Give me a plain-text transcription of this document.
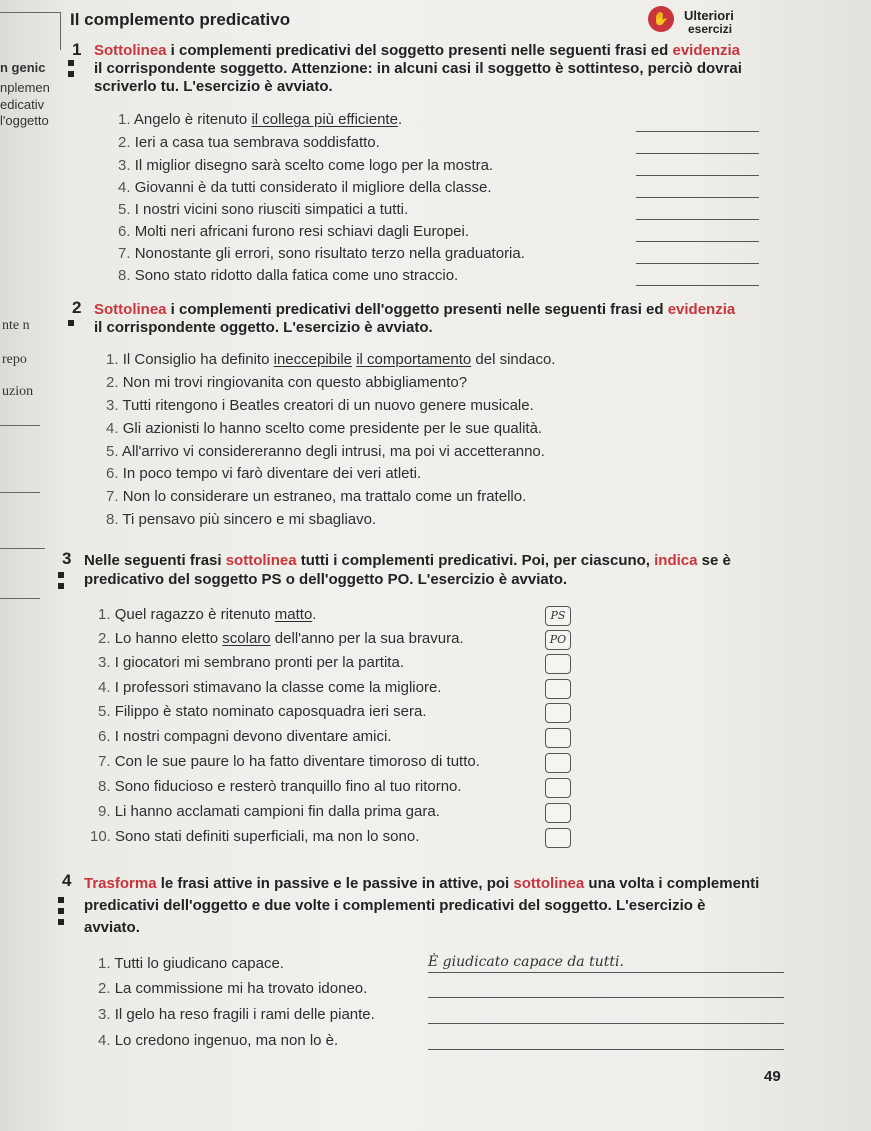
n genic
nplemen
edicativ
l'oggetto
nte n
repo
uzion
Il complemento predicativo	✋	Ulteriori
esercizi
1 Sottolinea i complementi predicativi del soggetto presenti nelle seguenti frasi ed evidenzia
il corrispondente soggetto. Attenzione: in alcuni casi il soggetto è sottinteso, perciò dovrai
scriverlo tu. L'esercizio è avviato.
1. Angelo è ritenuto il collega più efficiente.
2. Ieri a casa tua sembrava soddisfatto.
3. Il miglior disegno sarà scelto come logo per la mostra.
4. Giovanni è da tutti considerato il migliore della classe.
5. I nostri vicini sono riusciti simpatici a tutti.
6. Molti neri africani furono resi schiavi dagli Europei.
7. Nonostante gli errori, sono risultato terzo nella graduatoria.
8. Sono stato ridotto dalla fatica come uno straccio.
2 Sottolinea i complementi predicativi dell'oggetto presenti nelle seguenti frasi ed evidenzia
il corrispondente oggetto. L'esercizio è avviato.
1. Il Consiglio ha definito ineccepibile il comportamento del sindaco.
2. Non mi trovi ringiovanita con questo abbigliamento?
3. Tutti ritengono i Beatles creatori di un nuovo genere musicale.
4. Gli azionisti lo hanno scelto come presidente per le sue qualità.
5. All'arrivo vi considereranno degli intrusi, ma poi vi accetteranno.
6. In poco tempo vi farò diventare dei veri atleti.
7. Non lo considerare un estraneo, ma trattalo come un fratello.
8. Ti pensavo più sincero e mi sbagliavo.
3 Nelle seguenti frasi sottolinea tutti i complementi predicativi. Poi, per ciascuno, indica se è
predicativo del soggetto PS o dell'oggetto PO. L'esercizio è avviato.
1. Quel ragazzo è ritenuto matto.	PS
2. Lo hanno eletto scolaro dell'anno per la sua bravura.	PO
3. I giocatori mi sembrano pronti per la partita.
4. I professori stimavano la classe come la migliore.
5. Filippo è stato nominato caposquadra ieri sera.
6. I nostri compagni devono diventare amici.
7. Con le sue paure lo ha fatto diventare timoroso di tutto.
8. Sono fiducioso e resterò tranquillo fino al tuo ritorno.
9. Li hanno acclamati campioni fin dalla prima gara.
10. Sono stati definiti superficiali, ma non lo sono.
4 Trasforma le frasi attive in passive e le passive in attive, poi sottolinea una volta i complementi
predicativi dell'oggetto e due volte i complementi predicativi del soggetto. L'esercizio è
avviato.
1. Tutti lo giudicano capace.	È giudicato capace da tutti.
2. La commissione mi ha trovato idoneo.
3. Il gelo ha reso fragili i rami delle piante.
4. Lo credono ingenuo, ma non lo è.
49
